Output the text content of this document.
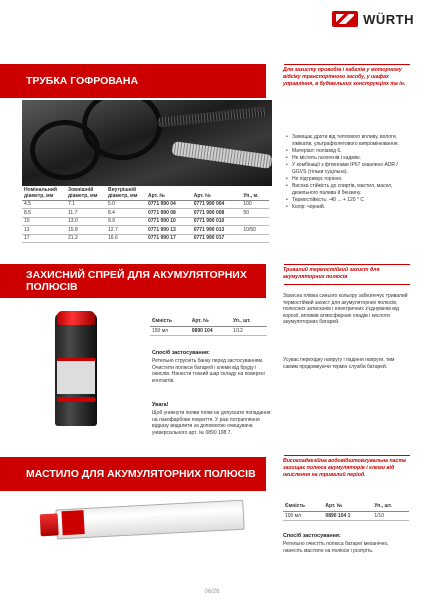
WÜRTH
ТРУБКА ГОФРОВАНА
Для захисту проводів і кабелів у моторному відсіку транспортного засобу, у шафах управління, в будівельних конструкціях та ін.
• Захищає дроти від теплового впливу, вологи, хімікатів, ультрафіолетового випромінювання.
• Матеріал: поліамід 6.
• Не містить галогенів і кадмію.
• У комбінації з фітингами IP67 сквалено ADR / GGVS (тільки суцільна).
• Не підтримує горіння.
• Висока стійкість до спиртів, мастил, масел, дизельного палива й бензину.
• Термостійкість: -40 ... + 120 ° C
• Колір: чорний.
Номінальний діаметр, мм	Зовнішній діаметр, мм	Внутрішній діаметр, мм	Арт. №	Арт. №	Уп., м.
4.5	7.1	5.0	0771 990 04	0771 990 004	100
8.5	11.7	8.4	0771 990 08	0771 990 008	50
10	13.0	9.9	0771 990 10	0771 990 010	
13	15.8	12.7	0771 990 13	0771 990 013	10/50
17	21.2	16.6	0771 990 17	0771 990 017	
ЗАХИСНИЙ СПРЕЙ ДЛЯ АКУМУЛЯТОРНИХ
ПОЛЮСІВ
Тривалий термостійкий захист для акумуляторних полюсів
Захисна плівка синього кольору забезпечує тривалий термостійкий захист для акумуляторних полюсів, полюсних затискачів і електричних з'єднувачів від корозії, впливів атмосферних опадів і кислоти акумуляторних батарей.
Усуває перехідну напругу і падіння напруги, тим самим продовжуючи термін служби батарей.
Ємність	Арт. №	Уп., шт.
150 мл	0890 104	1/12
Спосіб застосування:
Ретельно струсніть банку перед застосуванням. Очистити полюси батарей і клеми від бруду і окислів. Нанести тонкий шар складу на поверхні контактів.
Увага!
Щоб уникнути появи плям не допускати попадання на лакофарбове покриття. У разі потрапляння відразу видалити за допомогою очищувача універсального арт. № 0890 108 7.
МАСТИЛО ДЛЯ АКУМУЛЯТОРНИХ ПОЛЮСІВ
Високоадгезійна водовідштовхувальна паста захищає полюса акумуляторів і клеми від окислення на тривалий період.
Ємність	Арт. №	Уп., шт.
100 мл	0890 104 1	1/10
Спосіб застосування:
Ретельно очистіть полюса батареї механічно, нанесіть мастило на полюси і розтріть.
06/26
